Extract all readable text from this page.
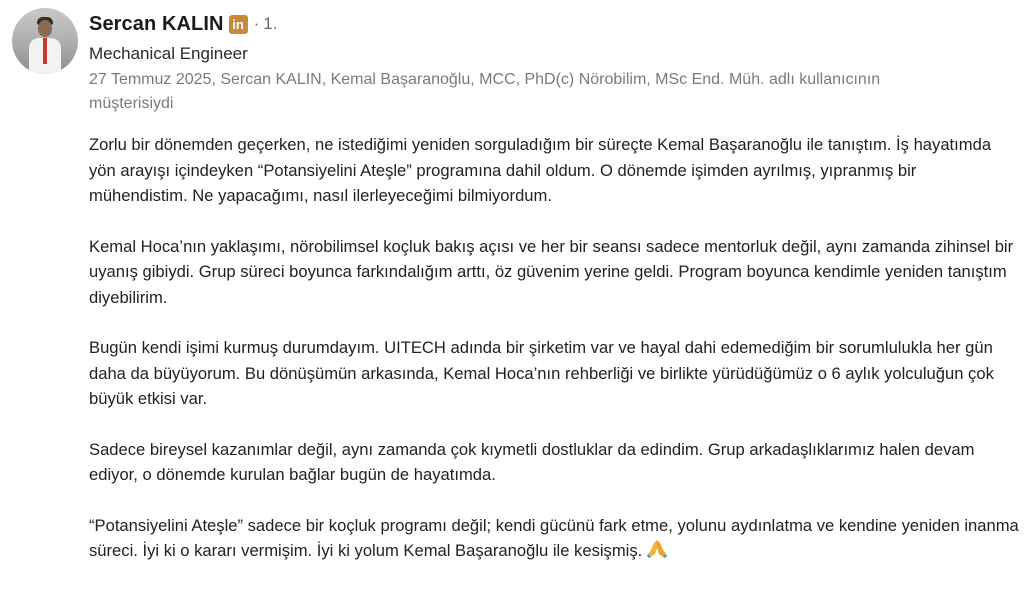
Sercan KALIN in · 1.
Mechanical Engineer
27 Temmuz 2025, Sercan KALIN, Kemal Başaranoğlu, MCC, PhD(c) Nörobilim, MSc End. Müh. adlı kullanıcının müşterisiydi

Zorlu bir dönemden geçerken, ne istediğimi yeniden sorguladığım bir süreçte Kemal Başaranoğlu ile tanıştım. İş hayatımda yön arayışı içindeyken “Potansiyelini Ateşle” programına dahil oldum. O dönemde işimden ayrılmış, yıpranmış bir mühendistim. Ne yapacağımı, nasıl ilerleyeceğimi bilmiyordum.

Kemal Hoca’nın yaklaşımı, nörobilimsel koçluk bakış açısı ve her bir seansı sadece mentorluk değil, aynı zamanda zihinsel bir uyanış gibiydi. Grup süreci boyunca farkındalığım arttı, öz güvenim yerine geldi. Program boyunca kendimle yeniden tanıştım diyebilirim.

Bugün kendi işimi kurmuş durumdayım. UITECH adında bir şirketim var ve hayal dahi edemediğim bir sorumlulukla her gün daha da büyüyorum. Bu dönüşümün arkasında, Kemal Hoca’nın rehberliği ve birlikte yürüdüğümüz o 6 aylık yolculuğun çok büyük etkisi var.

Sadece bireysel kazanımlar değil, aynı zamanda çok kıymetli dostluklar da edindim. Grup arkadaşlıklarımız halen devam ediyor, o dönemde kurulan bağlar bugün de hayatımda.

“Potansiyelini Ateşle” sadece bir koçluk programı değil; kendi gücünü fark etme, yolunu aydınlatma ve kendine yeniden inanma süreci. İyi ki o kararı vermişim. İyi ki yolum Kemal Başaranoğlu ile kesişmiş.
